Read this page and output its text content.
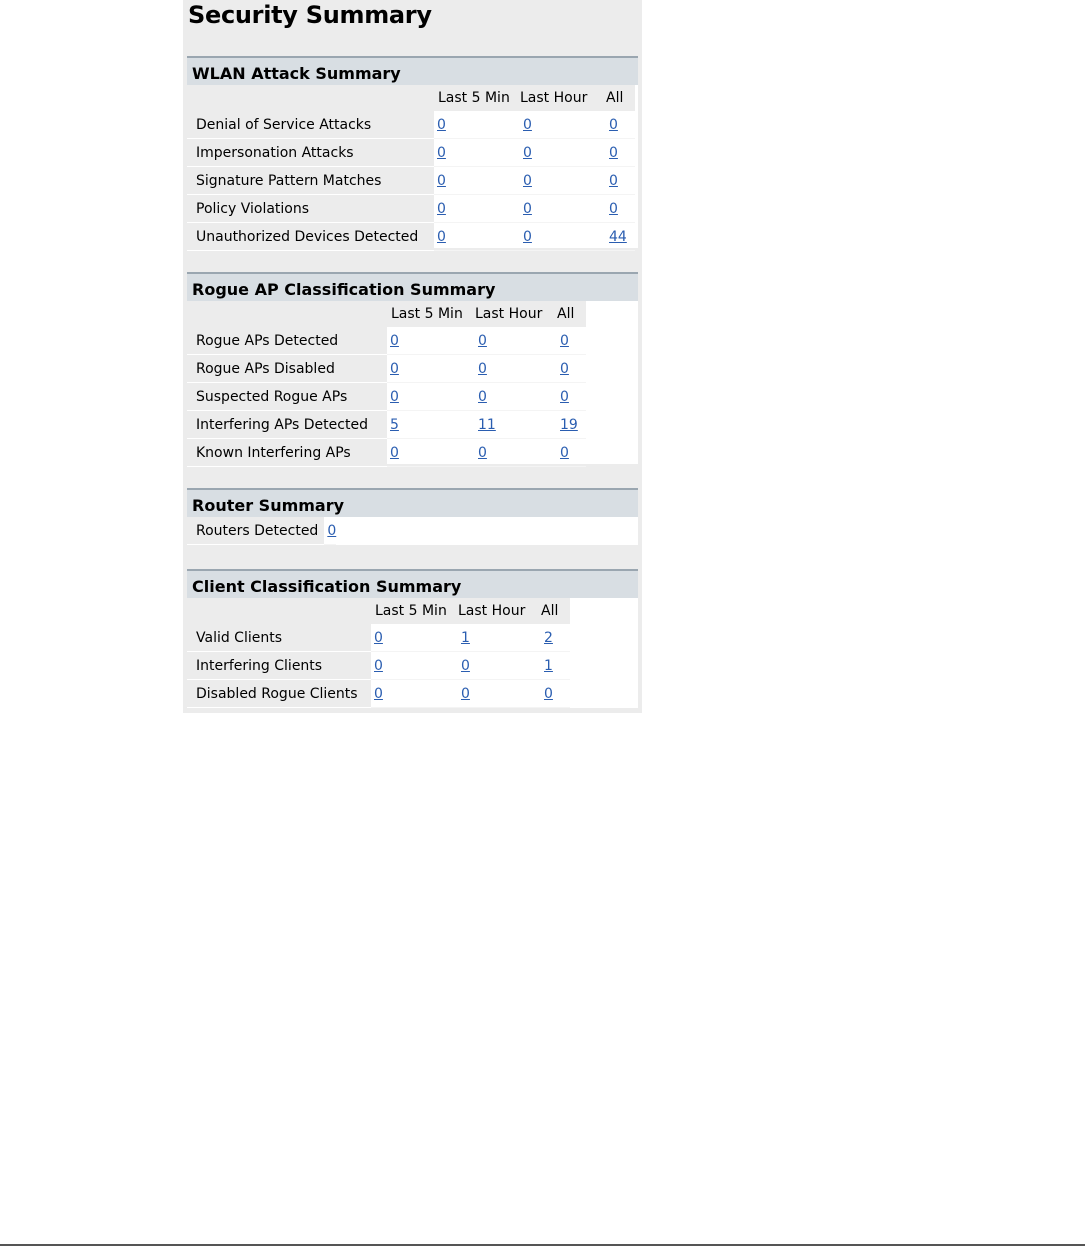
Security Summary
WLAN Attack Summary
	Last 5 Min	Last Hour	All
Denial of Service Attacks	0	0	0
Impersonation Attacks	0	0	0
Signature Pattern Matches	0	0	0
Policy Violations	0	0	0
Unauthorized Devices Detected	0	0	44
Rogue AP Classification Summary
	Last 5 Min	Last Hour	All
Rogue APs Detected	0	0	0
Rogue APs Disabled	0	0	0
Suspected Rogue APs	0	0	0
Interfering APs Detected	5	11	19
Known Interfering APs	0	0	0
Router Summary
Routers Detected	0
Client Classification Summary
	Last 5 Min	Last Hour	All
Valid Clients	0	1	2
Interfering Clients	0	0	1
Disabled Rogue Clients	0	0	0
